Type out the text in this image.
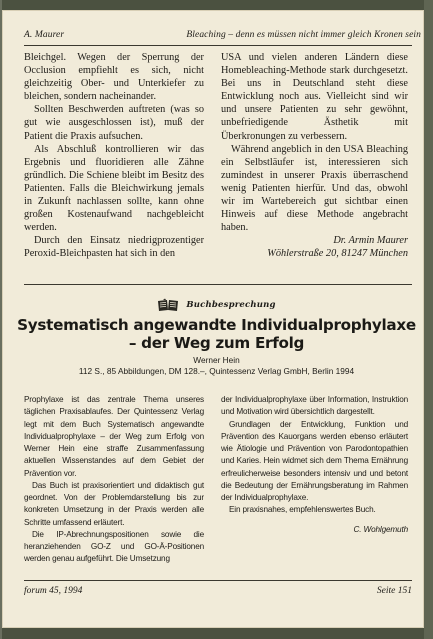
A. Maurer	Bleaching – denn es müssen nicht immer gleich Kronen sein

Bleichgel. Wegen der Sperrung der Occlusion empfiehlt es sich, nicht gleichzeitig Ober- und Unterkiefer zu bleichen, sondern nacheinander.

Sollten Beschwerden auftreten (was so gut wie ausgeschlossen ist), muß der Patient die Praxis aufsuchen.

Als Abschluß kontrollieren wir das Ergebnis und fluoridieren alle Zähne gründlich. Die Schiene bleibt im Besitz des Patienten. Falls die Bleichwirkung jemals in Zukunft nachlassen sollte, kann ohne großen Kostenaufwand nachgebleicht werden.

Durch den Einsatz niedrigprozentiger Peroxid-Bleichpasten hat sich in den

USA und vielen anderen Ländern diese Homebleaching-Methode stark durchgesetzt. Bei uns in Deutschland steht diese Entwicklung noch aus. Vielleicht sind wir und unsere Patienten zu sehr gewöhnt, unbefriedigende Ästhetik mit Überkronungen zu verbessern.

Während angeblich in den USA Bleaching ein Selbstläufer ist, interessieren sich zumindest in unserer Praxis überraschend wenig Patienten hierfür. Und das, obwohl wir im Wartebereich gut sichtbar einen Hinweis auf diese Methode angebracht haben.

Dr. Armin Maurer
Wöhlerstraße 20, 81247 München
Buchbesprechung
Systematisch angewandte Individualprophylaxe
– der Weg zum Erfolg
Werner Hein
112 S., 85 Abbildungen, DM 128.–, Quintessenz Verlag GmbH, Berlin 1994

Prophylaxe ist das zentrale Thema unseres täglichen Praxisablaufes. Der Quintessenz Verlag legt mit dem Buch Systematisch angewandte Individualprophylaxe – der Weg zum Erfolg von Werner Hein eine straffe Zusammenfassung aktuellen Wissenstandes auf dem Gebiet der Prävention vor.

Das Buch ist praxisorientiert und didaktisch gut geordnet. Von der Problemdarstellung bis zur konkreten Umsetzung in der Praxis werden alle Schritte umfassend erläutert.

Die IP-Abrechnungspositionen sowie die heranziehenden GO-Z und GO-Ä-Positionen werden genau aufgeführt. Die Umsetzung

der Individualprophylaxe über Information, Instruktion und Motivation wird übersichtlich dargestellt.

Grundlagen der Entwicklung, Funktion und Prävention des Kauorgans werden ebenso erläutert wie Ätiologie und Prävention von Parodontopathien und Karies. Hein widmet sich dem Thema Ernährung erfreulicherweise besonders intensiv und und betont die Bedeutung der Ernährungsberatung im Rahmen der Individualprophylaxe.

Ein praxisnahes, empfehlenswertes Buch.

C. Wohlgemuth
forum 45, 1994	Seite 151
